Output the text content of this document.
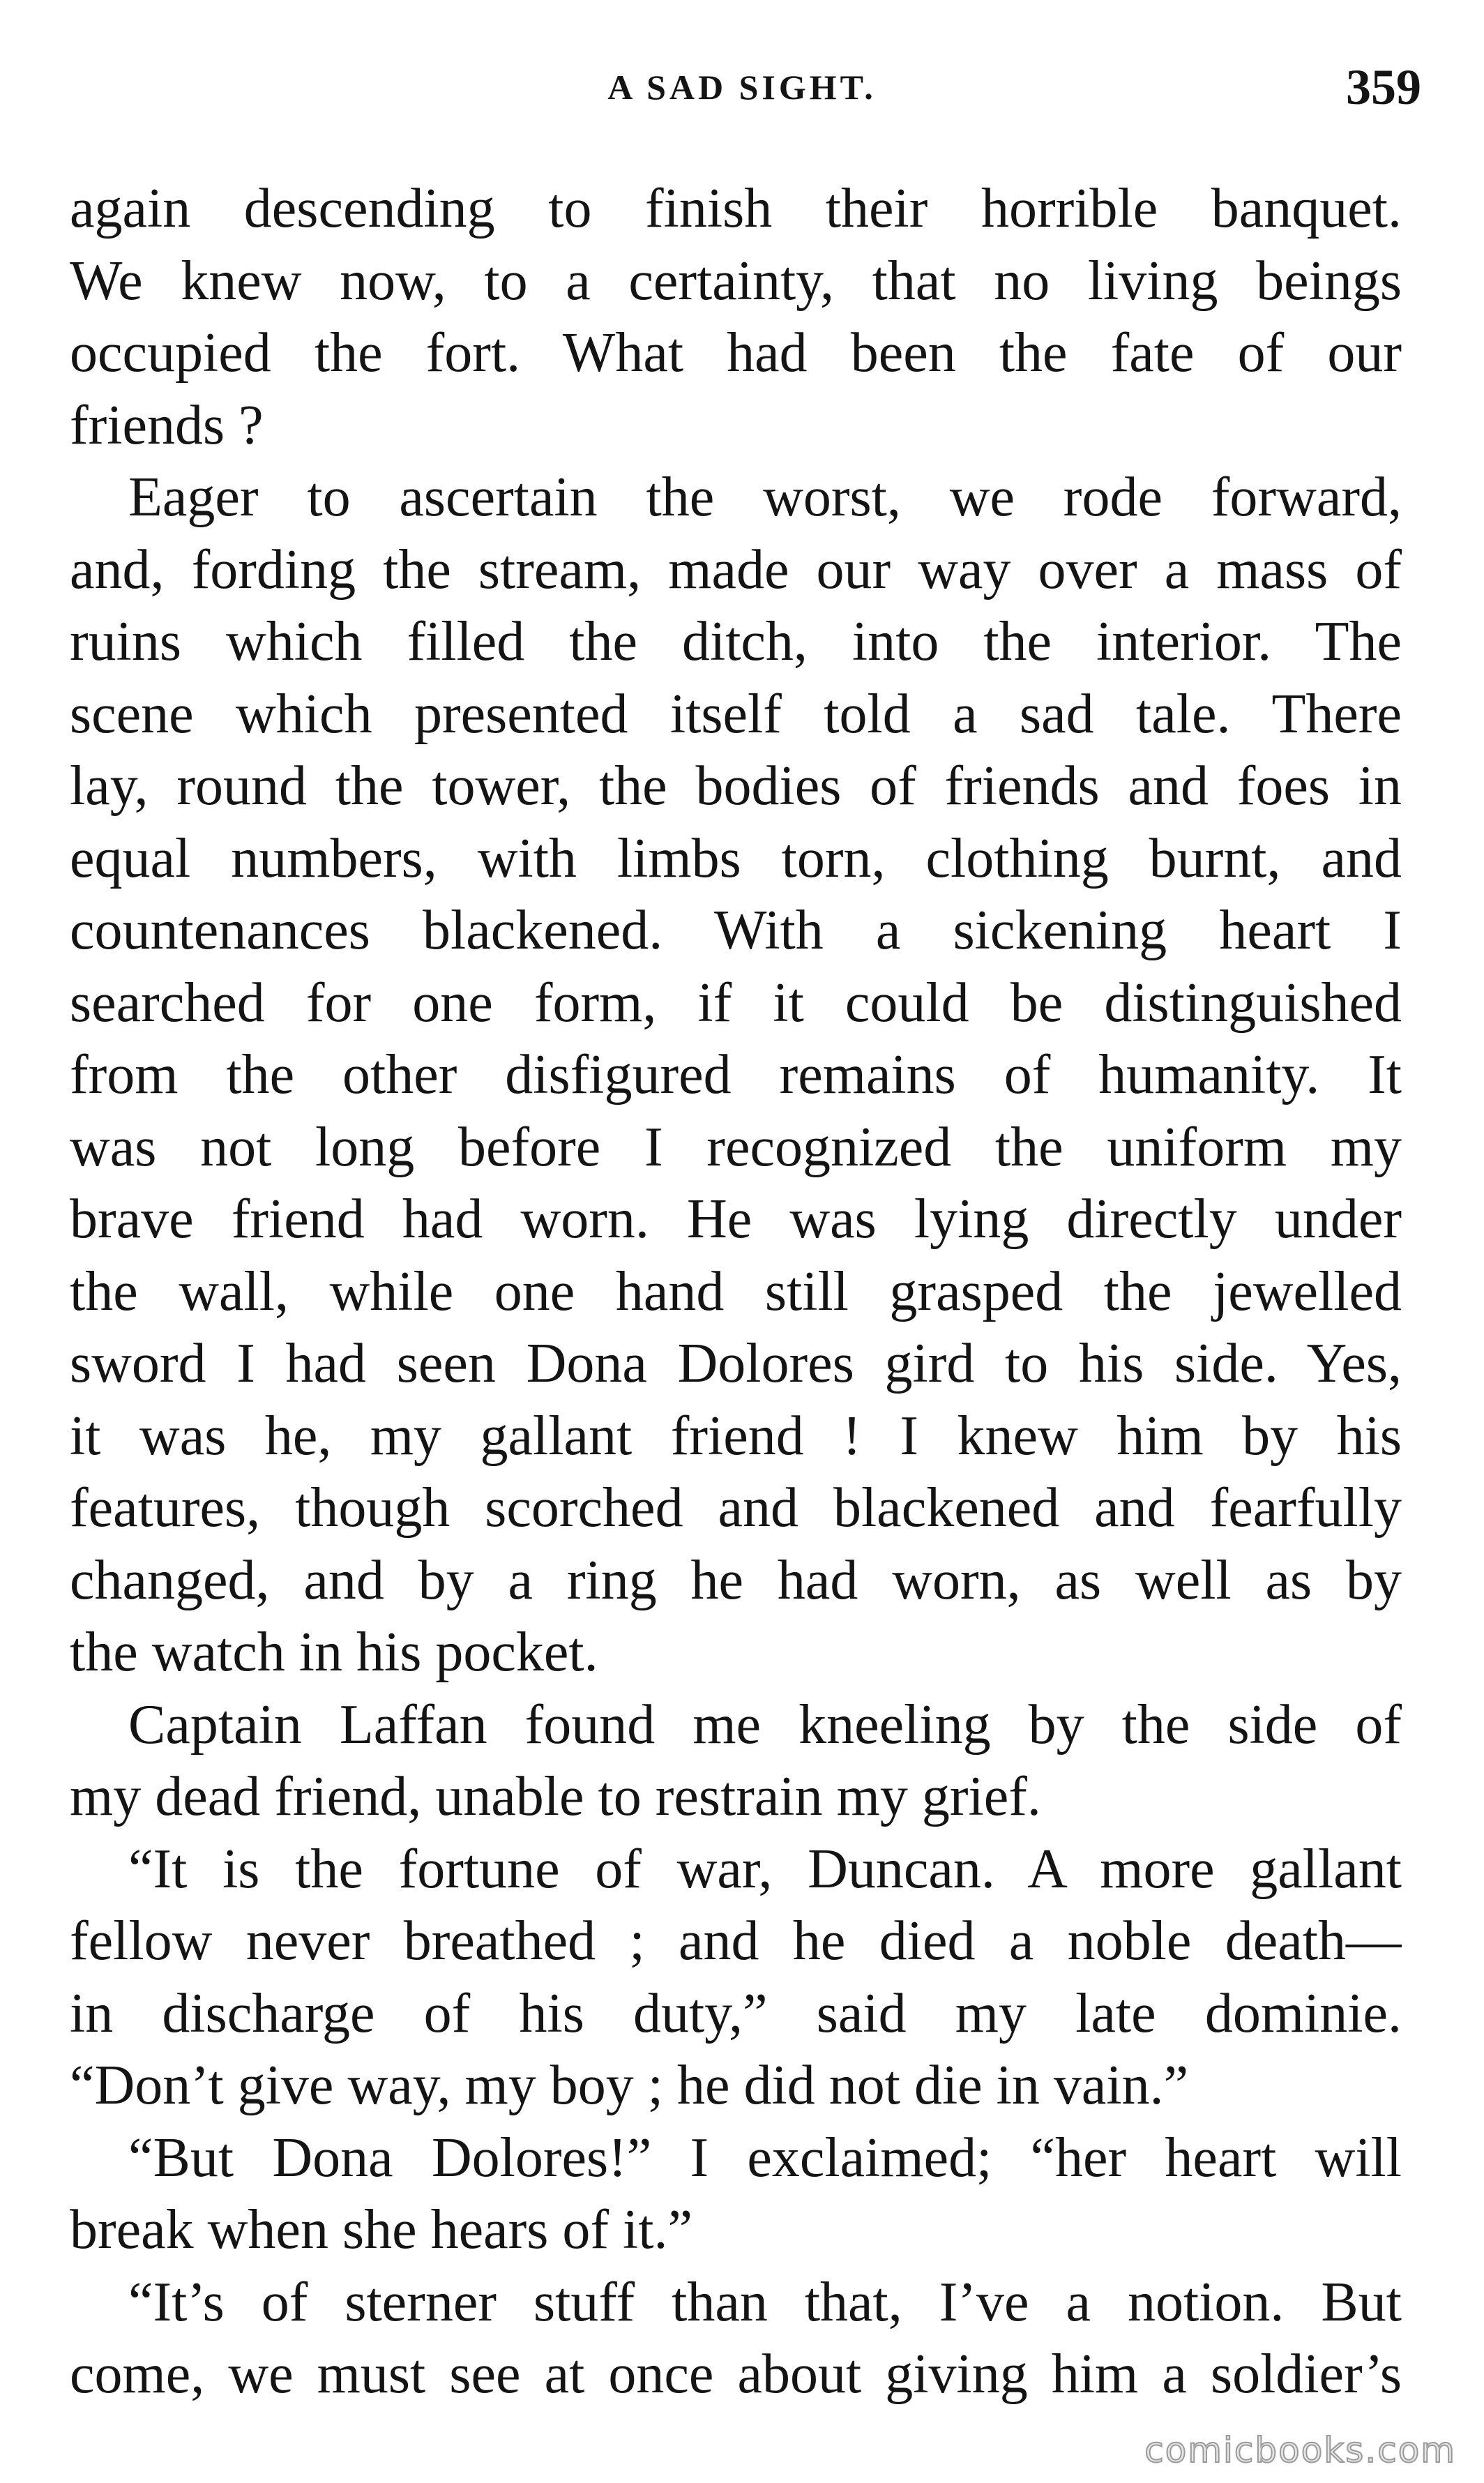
A SAD SIGHT.	359
again descending to finish their horrible banquet.
We knew now, to a certainty, that no living beings
occupied the fort. What had been the fate of our
friends ?
Eager to ascertain the worst, we rode forward,
and, fording the stream, made our way over a mass of
ruins which filled the ditch, into the interior. The
scene which presented itself told a sad tale. There
lay, round the tower, the bodies of friends and foes in
equal numbers, with limbs torn, clothing burnt, and
countenances blackened. With a sickening heart I
searched for one form, if it could be distinguished
from the other disfigured remains of humanity. It
was not long before I recognized the uniform my
brave friend had worn. He was lying directly under
the wall, while one hand still grasped the jewelled
sword I had seen Dona Dolores gird to his side. Yes,
it was he, my gallant friend ! I knew him by his
features, though scorched and blackened and fearfully
changed, and by a ring he had worn, as well as by
the watch in his pocket.
Captain Laffan found me kneeling by the side of
my dead friend, unable to restrain my grief.
“It is the fortune of war, Duncan. A more gallant
fellow never breathed ; and he died a noble death—
in discharge of his duty,” said my late dominie.
“Don’t give way, my boy ; he did not die in vain.”
“But Dona Dolores!” I exclaimed; “her heart will
break when she hears of it.”
“It’s of sterner stuff than that, I’ve a notion. But
come, we must see at once about giving him a soldier’s
comicbooks.com
